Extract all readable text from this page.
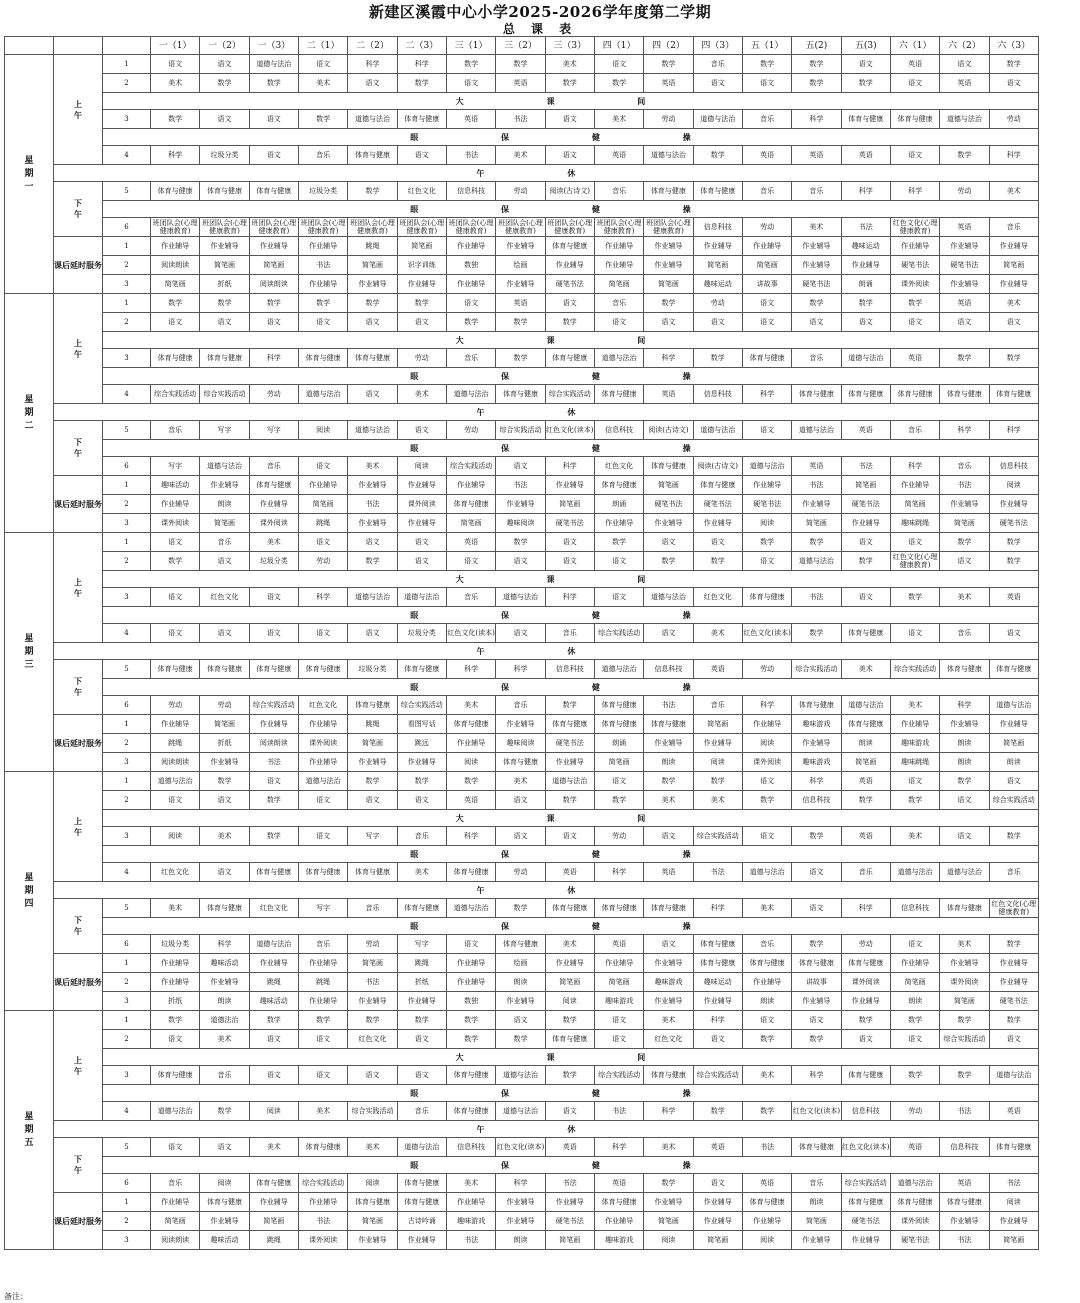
新建区溪霞中心小学2025-2026学年度第二学期
总 课 表
			一（1）	一（2）	一（3）	二（1）	二（2）	二（3）	三（1）	三（2）	三（3）	四（1）	四（2）	四（3）	五（1）	五(2)	五(3)	六（1）	六（2）	六（3）
星
期
一	上
午	1	语文	语文	道德与法治	语文	科学	科学	数学	数学	美术	语文	数学	音乐	数学	数学	语文	英语	语文	数学
		2	美术	数学	数学	美术	语文	数学	语文	英语	数学	数学	英语	语文	语文	数学	数学	语文	英语	语文
		大 课 间																		
		3	数学	语文	语文	数学	道德与法治	体育与健康	英语	书法	语文	美术	劳动	道德与法治	音乐	科学	体育与健康	体育与健康	道德与法治	劳动
		眼 保 健 操																		
		4	科学	垃圾分类	语文	音乐	体育与健康	语文	书法	美术	语文	英语	道德与法治	数学	英语	英语	英语	语文	数学	科学
	午 休																			
	下
午	5	体育与健康	体育与健康	体育与健康	垃圾分类	数学	红色文化	信息科技	劳动	阅读(古诗文)	音乐	体育与健康	体育与健康	音乐	音乐	科学	科学	劳动	美术
		眼 保 健 操																		
		6	班团队会(心理健康教育)	班团队会(心理健康教育)	班团队会(心理健康教育)	班团队会(心理健康教育)	班团队会(心理健康教育)	班团队会(心理健康教育)	班团队会(心理健康教育)	班团队会(心理健康教育)	班团队会(心理健康教育)	班团队会(心理健康教育)	班团队会(心理健康教育)	信息科技	劳动	美术	书法	红色文化(心理健康教育)	英语	音乐
	课后延时服务	1	作业辅导	作业辅导	作业辅导	作业辅导	跳绳	简笔画	作业辅导	作业辅导	体育与健康	作业辅导	作业辅导	作业辅导	作业辅导	作业辅导	趣味运动	作业辅导	作业辅导	作业辅导
		2	阅读朗读	简笔画	简笔画	书法	简笔画	识字训练	数独	绘画	作业辅导	作业辅导	作业辅导	简笔画	简笔画	作业辅导	作业辅导	硬笔书法	硬笔书法	简笔画
		3	简笔画	折纸	阅读朗读	作业辅导	作业辅导	作业辅导	作业辅导	作业辅导	硬笔书法	简笔画	简笔画	趣味运动	讲故事	硬笔书法	朗诵	课外阅读	作业辅导	作业辅导
星
期
二	上
午	1	数学	数学	数学	数学	数学	数学	语文	英语	语文	音乐	数学	劳动	语文	数学	数学	数学	英语	美术
		2	语文	语文	语文	语文	语文	语文	数学	数学	数学	语文	语文	语文	语文	语文	语文	语文	语文	语文
		大 课 间																		
		3	体育与健康	体育与健康	科学	体育与健康	体育与健康	劳动	音乐	数学	体育与健康	道德与法治	科学	数学	体育与健康	音乐	道德与法治	英语	数学	数学
		眼 保 健 操																		
		4	综合实践活动	综合实践活动	劳动	道德与法治	语文	美术	道德与法治	体育与健康	综合实践活动	体育与健康	英语	信息科技	科学	体育与健康	体育与健康	体育与健康	体育与健康	体育与健康
	午 休																			
	下
午	5	音乐	写字	写字	阅读	道德与法治	语文	劳动	综合实践活动	红色文化(读本)	信息科技	阅读(古诗文)	道德与法治	语文	道德与法治	英语	音乐	科学	科学
		眼 保 健 操																		
		6	写字	道德与法治	音乐	语文	美术	阅读	综合实践活动	语文	科学	红色文化	体育与健康	阅读(古诗文)	道德与法治	英语	书法	科学	音乐	信息科技
	课后延时服务	1	趣味活动	作业辅导	体育与健康	作业辅导	作业辅导	作业辅导	作业辅导	书法	作业辅导	体育与健康	简笔画	体育与健康	作业辅导	书法	简笔画	作业辅导	书法	阅读
		2	作业辅导	朗读	作业辅导	简笔画	书法	课外阅读	体育与健康	作业辅导	简笔画	朗诵	硬笔书法	硬笔书法	硬笔书法	作业辅导	硬笔书法	简笔画	作业辅导	作业辅导
		3	课外阅读	简笔画	课外阅读	跳绳	作业辅导	作业辅导	简笔画	趣味阅读	硬笔书法	作业辅导	作业辅导	作业辅导	阅读	简笔画	作业辅导	趣味跳绳	简笔画	硬笔书法
星
期
三	上
午	1	语文	音乐	美术	语文	语文	语文	英语	数学	语文	数学	语文	语文	数学	数学	语文	语文	数学	数学
		2	数学	语文	垃圾分类	劳动	数学	语文	语文	语文	语文	语文	数学	数学	语文	道德与法治	数学	红色文化(心理健康教育)	语文	数学
		大 课 间																		
		3	语文	红色文化	语文	科学	道德与法治	道德与法治	音乐	道德与法治	科学	语文	道德与法治	红色文化	体育与健康	书法	语文	数学	美术	英语
		眼 保 健 操																		
		4	语文	语文	语文	语文	语文	垃圾分类	红色文化(读本)	语文	音乐	综合实践活动	语文	美术	红色文化(读本)	数学	体育与健康	语文	音乐	语文
	午 休																			
	下
午	5	体育与健康	体育与健康	体育与健康	体育与健康	垃圾分类	体育与健康	科学	科学	信息科技	道德与法治	信息科技	英语	劳动	综合实践活动	美术	综合实践活动	体育与健康	体育与健康
		眼 保 健 操																		
		6	劳动	劳动	综合实践活动	红色文化	体育与健康	综合实践活动	美术	音乐	数学	体育与健康	书法	音乐	科学	体育与健康	道德与法治	美术	科学	道德与法治
	课后延时服务	1	作业辅导	简笔画	作业辅导	作业辅导	跳绳	看图写话	体育与健康	作业辅导	体育与健康	体育与健康	体育与健康	简笔画	作业辅导	趣味游戏	体育与健康	作业辅导	作业辅导	作业辅导
		2	跳绳	折纸	阅读朗读	课外阅读	简笔画	跳远	作业辅导	趣味阅读	硬笔书法	朗诵	作业辅导	作业辅导	阅读	作业辅导	朗读	趣味游戏	朗读	简笔画
		3	阅读朗读	作业辅导	书法	作业辅导	作业辅导	作业辅导	阅读	体育与健康	作业辅导	简笔画	朗读	阅读	课外阅读	趣味游戏	简笔画	趣味跳绳	朗读	朗读
星
期
四	上
午	1	道德与法治	数学	语文	道德与法治	数学	数学	数学	美术	道德与法治	语文	数学	数学	语文	科学	英语	语文	数学	语文
		2	语文	语文	数学	语文	语文	语文	英语	语文	数学	数学	美术	美术	数学	信息科技	数学	数学	语文	综合实践活动
		大 课 间																		
		3	阅读	美术	数学	语文	写字	音乐	科学	语文	语文	劳动	语文	综合实践活动	语文	数学	英语	美术	语文	数学
		眼 保 健 操																		
		4	红色文化	语文	体育与健康	体育与健康	体育与健康	美术	体育与健康	劳动	英语	科学	英语	书法	道德与法治	语文	音乐	道德与法治	道德与法治	音乐
	午 休																			
	下
午	5	美术	体育与健康	红色文化	写字	音乐	体育与健康	道德与法治	数学	体育与健康	体育与健康	体育与健康	科学	美术	语文	科学	信息科技	体育与健康	红色文化(心理健康教育)
		眼 保 健 操																		
		6	垃圾分类	科学	道德与法治	音乐	劳动	写字	语文	体育与健康	美术	英语	语文	体育与健康	音乐	数学	劳动	语文	美术	数学
	课后延时服务	1	作业辅导	趣味活动	作业辅导	作业辅导	简笔画	跳绳	作业辅导	绘画	作业辅导	作业辅导	作业辅导	体育与健康	体育与健康	体育与健康	体育与健康	作业辅导	作业辅导	作业辅导
		2	作业辅导	作业辅导	跳绳	跳绳	书法	折纸	作业辅导	朗读	简笔画	简笔画	趣味游戏	趣味运动	作业辅导	讲故事	课外阅读	简笔画	课外阅读	作业辅导
		3	折纸	朗读	趣味活动	作业辅导	作业辅导	作业辅导	数独	作业辅导	阅读	趣味游戏	作业辅导	作业辅导	朗读	作业辅导	作业辅导	朗读	简笔画	硬笔书法
星
期
五	上
午	1	数学	道德法治	数学	数学	数学	数学	数学	语文	数学	语文	美术	科学	语文	语文	数学	数学	数学	数学
		2	语文	美术	语文	语文	红色文化	语文	数学	数学	体育与健康	语文	红色文化	语文	数学	数学	语文	语文	综合实践活动	语文
		大 课 间																		
		3	体育与健康	音乐	语文	语文	语文	语文	体育与健康	道德与法治	数学	综合实践活动	体育与健康	综合实践活动	美术	科学	体育与健康	数学	数学	道德与法治
		眼 保 健 操																		
		4	道德与法治	数学	阅读	美术	综合实践活动	音乐	体育与健康	道德与法治	语文	书法	科学	数学	数学	红色文化(读本)	信息科技	劳动	书法	英语
	午 休																			
	下
午	5	语文	语文	美术	体育与健康	美术	道德与法治	信息科技	红色文化(读本)	英语	科学	美术	英语	书法	体育与健康	红色文化(读本)	英语	信息科技	体育与健康
		眼 保 健 操																		
		6	音乐	阅读	体育与健康	综合实践活动	阅读	体育与健康	美术	科学	书法	英语	数学	语文	英语	音乐	综合实践活动	道德与法治	英语	书法
	课后延时服务	1	作业辅导	体育与健康	作业辅导	作业辅导	体育与健康	体育与健康	作业辅导	作业辅导	作业辅导	体育与健康	作业辅导	作业辅导	体育与健康	朗读	体育与健康	体育与健康	体育与健康	阅读
		2	简笔画	作业辅导	简笔画	书法	简笔画	古诗吟诵	趣味游戏	作业辅导	硬笔书法	作业辅导	简笔画	作业辅导	作业辅导	简笔画	硬笔书法	课外阅读	作业辅导	作业辅导
		3	阅读朗读	趣味活动	跳绳	课外阅读	作业辅导	作业辅导	书法	朗读	简笔画	趣味游戏	阅读	简笔画	阅读	作业辅导	作业辅导	硬笔书法	书法	简笔画
备注：
